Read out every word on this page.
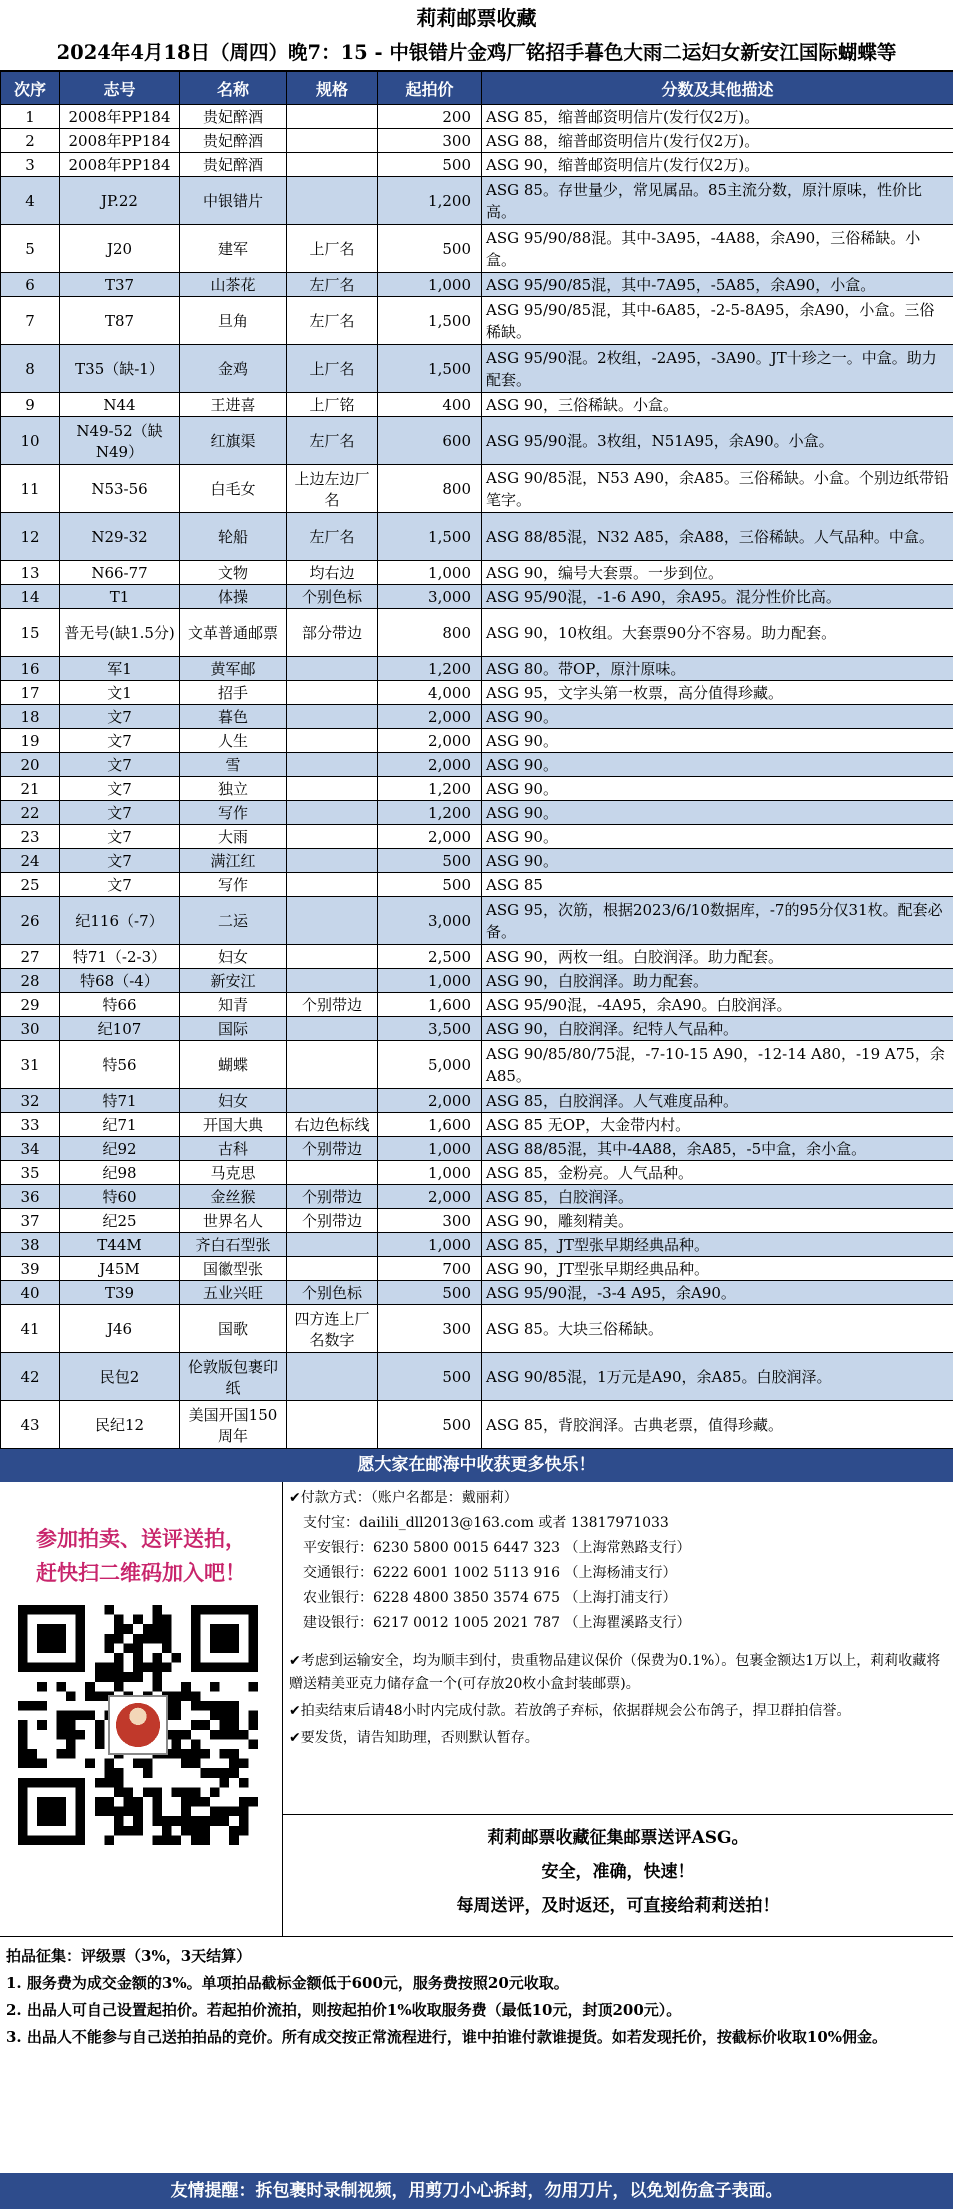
莉莉邮票收藏
2024年4月18日（周四）晚7：15 - 中银错片金鸡厂铭招手暮色大雨二运妇女新安江国际蝴蝶等
次序	志号	名称	规格	起拍价	分数及其他描述
1	2008年PP184	贵妃醉酒		200	ASG 85，缩普邮资明信片(发行仅2万)。
2	2008年PP184	贵妃醉酒		300	ASG 88，缩普邮资明信片(发行仅2万)。
3	2008年PP184	贵妃醉酒		500	ASG 90，缩普邮资明信片(发行仅2万)。
4	JP.22	中银错片		1,200	ASG 85。存世量少，常见属品。85主流分数，原汁原味，性价比高。
5	J20	建军	上厂名	500	ASG 95/90/88混。其中-3A95，-4A88，余A90，三俗稀缺。小盒。
6	T37	山茶花	左厂名	1,000	ASG 95/90/85混，其中-7A95，-5A85，余A90，小盒。
7	T87	旦角	左厂名	1,500	ASG 95/90/85混，其中-6A85，-2-5-8A95，余A90，小盒。三俗稀缺。
8	T35（缺-1）	金鸡	上厂名	1,500	ASG 95/90混。2枚组，-2A95，-3A90。JT十珍之一。中盒。助力配套。
9	N44	王进喜	上厂铭	400	ASG 90，三俗稀缺。小盒。
10	N49-52（缺N49）	红旗渠	左厂名	600	ASG 95/90混。3枚组，N51A95，余A90。小盒。
11	N53-56	白毛女	上边左边厂名	800	ASG 90/85混，N53 A90，余A85。三俗稀缺。小盒。个别边纸带铅笔字。
12	N29-32	轮船	左厂名	1,500	ASG 88/85混，N32 A85，余A88，三俗稀缺。人气品种。中盒。
13	N66-77	文物	均右边	1,000	ASG 90，编号大套票。一步到位。
14	T1	体操	个别色标	3,000	ASG 95/90混，-1-6 A90，余A95。混分性价比高。
15	普无号(缺1.5分)	文革普通邮票	部分带边	800	ASG 90，10枚组。大套票90分不容易。助力配套。
16	军1	黄军邮		1,200	ASG 80。带OP，原汁原味。
17	文1	招手		4,000	ASG 95，文字头第一枚票，高分值得珍藏。
18	文7	暮色		2,000	ASG 90。
19	文7	人生		2,000	ASG 90。
20	文7	雪		2,000	ASG 90。
21	文7	独立		1,200	ASG 90。
22	文7	写作		1,200	ASG 90。
23	文7	大雨		2,000	ASG 90。
24	文7	满江红		500	ASG 90。
25	文7	写作		500	ASG 85
26	纪116（-7）	二运		3,000	ASG 95，次筋，根据2023/6/10数据库，-7的95分仅31枚。配套必备。
27	特71（-2-3）	妇女		2,500	ASG 90，两枚一组。白胶润泽。助力配套。
28	特68（-4）	新安江		1,000	ASG 90，白胶润泽。助力配套。
29	特66	知青	个别带边	1,600	ASG 95/90混，-4A95，余A90。白胶润泽。
30	纪107	国际		3,500	ASG 90，白胶润泽。纪特人气品种。
31	特56	蝴蝶		5,000	ASG 90/85/80/75混，-7-10-15 A90，-12-14 A80，-19 A75，余A85。
32	特71	妇女		2,000	ASG 85，白胶润泽。人气难度品种。
33	纪71	开国大典	右边色标线	1,600	ASG 85 无OP，大金带内村。
34	纪92	古科	个别带边	1,000	ASG 88/85混，其中-4A88，余A85，-5中盒，余小盒。
35	纪98	马克思		1,000	ASG 85，金粉亮。人气品种。
36	特60	金丝猴	个别带边	2,000	ASG 85，白胶润泽。
37	纪25	世界名人	个别带边	300	ASG 90，雕刻精美。
38	T44M	齐白石型张		1,000	ASG 85，JT型张早期经典品种。
39	J45M	国徽型张		700	ASG 90，JT型张早期经典品种。
40	T39	五业兴旺	个别色标	500	ASG 95/90混，-3-4 A95，余A90。
41	J46	国歌	四方连上厂名数字	300	ASG 85。大块三俗稀缺。
42	民包2	伦敦版包裹印纸		500	ASG 90/85混，1万元是A90，余A85。白胶润泽。
43	民纪12	美国开国150周年		500	ASG 85，背胶润泽。古典老票，值得珍藏。
愿大家在邮海中收获更多快乐！
参加拍卖、送评送拍，
赶快扫二维码加入吧！
✔付款方式：（账户名都是：戴丽莉）
支付宝：dailili_dll2013@163.com 或者 13817971033
平安银行：6230 5800 0015 6447 323 （上海常熟路支行）
交通银行：6222 6001 1002 5113 916 （上海杨浦支行）
农业银行：6228 4800 3850 3574 675 （上海打浦支行）
建设银行：6217 0012 1005 2021 787 （上海瞿溪路支行）
✔考虑到运输安全，均为顺丰到付，贵重物品建议保价（保费为0.1%）。包裹金额达1万以上，莉莉收藏将赠送精美亚克力储存盒一个(可存放20枚小盒封装邮票)。
✔拍卖结束后请48小时内完成付款。若放鸽子弃标，依据群规会公布鸽子，捍卫群拍信誉。
✔要发货，请告知助理，否则默认暂存。
莉莉邮票收藏征集邮票送评ASG。
安全，准确，快速！
每周送评，及时返还，可直接给莉莉送拍！
拍品征集：评级票（3%，3天结算）
1. 服务费为成交金额的3%。单项拍品截标金额低于600元，服务费按照20元收取。
2. 出品人可自己设置起拍价。若起拍价流拍，则按起拍价1%收取服务费（最低10元，封顶200元）。
3. 出品人不能参与自己送拍拍品的竞价。所有成交按正常流程进行，谁中拍谁付款谁提货。如若发现托价，按截标价收取10%佣金。
友情提醒：拆包裹时录制视频，用剪刀小心拆封，勿用刀片，以免划伤盒子表面。
